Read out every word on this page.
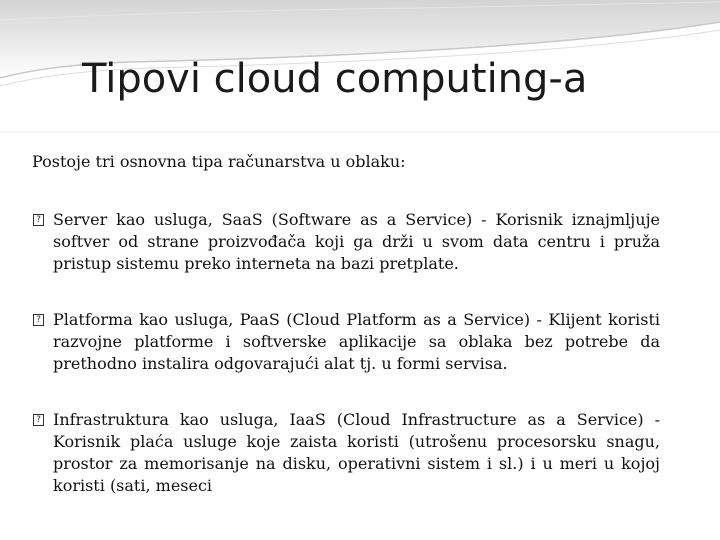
Tipovi cloud computing-a

Postoje tri osnovna tipa računarstva u oblaku:

? Server kao usluga, SaaS (Software as a Service) - Korisnik iznajmljuje softver od strane proizvođača koji ga drži u svom data centru i pruža pristup sistemu preko interneta na bazi pretplate.
? Platforma kao usluga, PaaS (Cloud Platform as a Service) - Klijent koristi razvojne platforme i softverske aplikacije sa oblaka bez potrebe da prethodno instalira odgovarajući alat tj. u formi servisa.
? Infrastruktura kao usluga, IaaS (Cloud Infrastructure as a Service) - Korisnik plaća usluge koje zaista koristi (utrošenu procesorsku snagu, prostor za memorisanje na disku, operativni sistem i sl.) i u meri u kojoj koristi (sati, meseci
